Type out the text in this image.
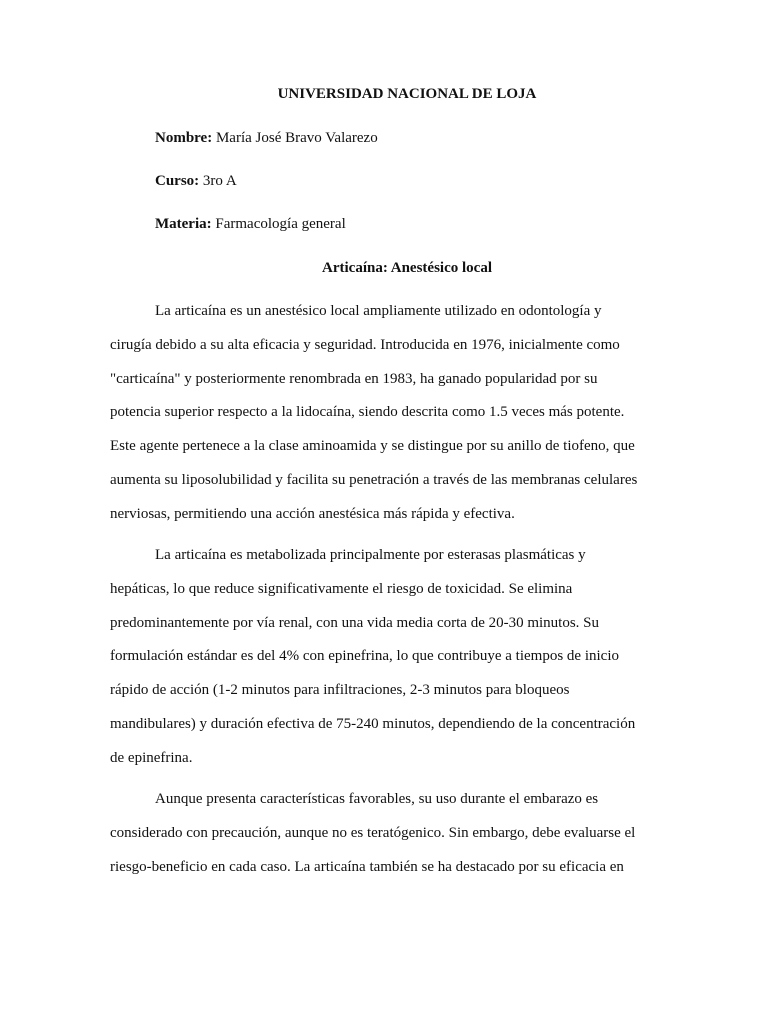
UNIVERSIDAD NACIONAL DE LOJA
Nombre: María José Bravo Valarezo
Curso: 3ro A
Materia: Farmacología general
Articaína: Anestésico local

La articaína es un anestésico local ampliamente utilizado en odontología y
cirugía debido a su alta eficacia y seguridad. Introducida en 1976, inicialmente como
"carticaína" y posteriormente renombrada en 1983, ha ganado popularidad por su
potencia superior respecto a la lidocaína, siendo descrita como 1.5 veces más potente.
Este agente pertenece a la clase aminoamida y se distingue por su anillo de tiofeno, que
aumenta su liposolubilidad y facilita su penetración a través de las membranas celulares
nerviosas, permitiendo una acción anestésica más rápida y efectiva.

La articaína es metabolizada principalmente por esterasas plasmáticas y
hepáticas, lo que reduce significativamente el riesgo de toxicidad. Se elimina
predominantemente por vía renal, con una vida media corta de 20-30 minutos. Su
formulación estándar es del 4% con epinefrina, lo que contribuye a tiempos de inicio
rápido de acción (1-2 minutos para infiltraciones, 2-3 minutos para bloqueos
mandibulares) y duración efectiva de 75-240 minutos, dependiendo de la concentración
de epinefrina.

Aunque presenta características favorables, su uso durante el embarazo es
considerado con precaución, aunque no es teratógenico. Sin embargo, debe evaluarse el
riesgo-beneficio en cada caso. La articaína también se ha destacado por su eficacia en
